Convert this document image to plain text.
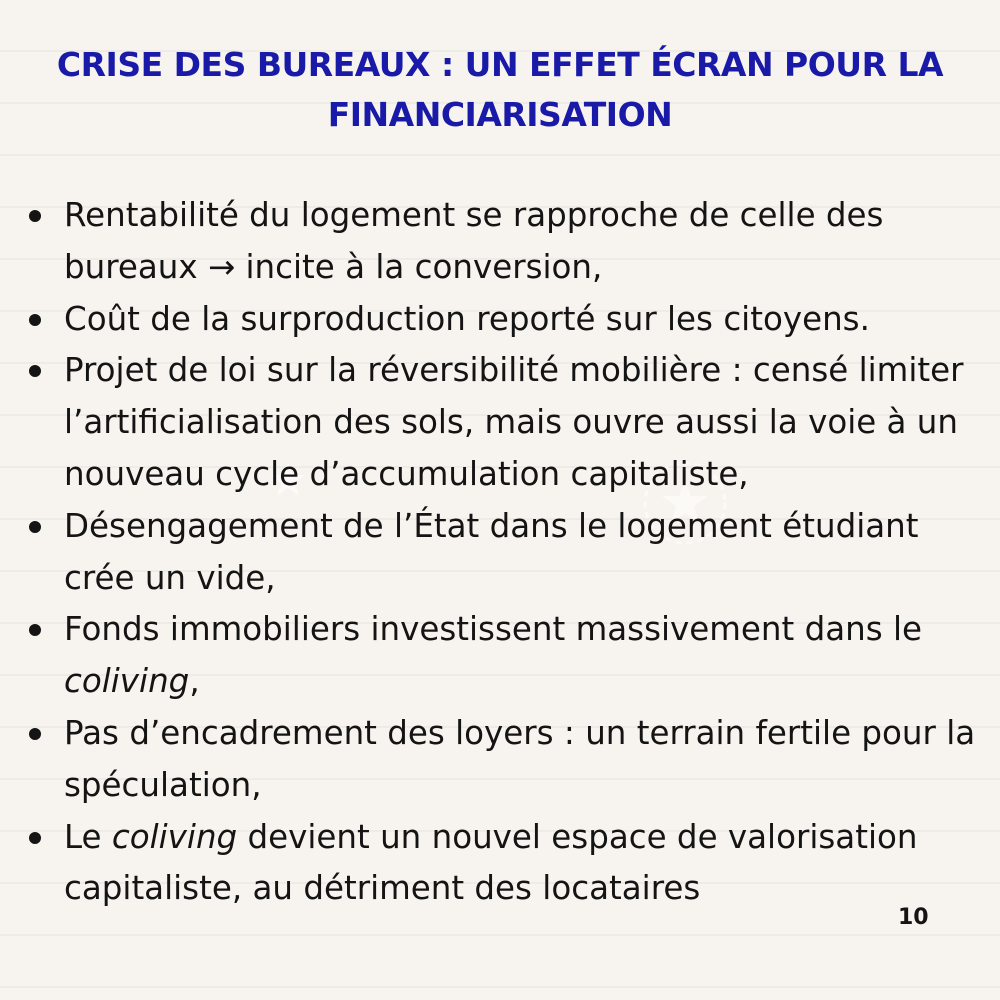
CRISE DES BUREAUX : UN EFFET ÉCRAN POUR LA FINANCIARISATION
Rentabilité du logement se rapproche de celle des bureaux → incite à la conversion,
Coût de la surproduction reporté sur les citoyens.
Projet de loi sur la réversibilité mobilière : censé limiter l’artificialisation des sols, mais ouvre aussi la voie à un nouveau cycle d’accumulation capitaliste,
Désengagement de l’État dans le logement étudiant crée un vide,
Fonds immobiliers investissent massivement dans le coliving,
Pas d’encadrement des loyers : un terrain fertile pour la spéculation,
Le coliving devient un nouvel espace de valorisation capitaliste, au détriment des locataires
10
